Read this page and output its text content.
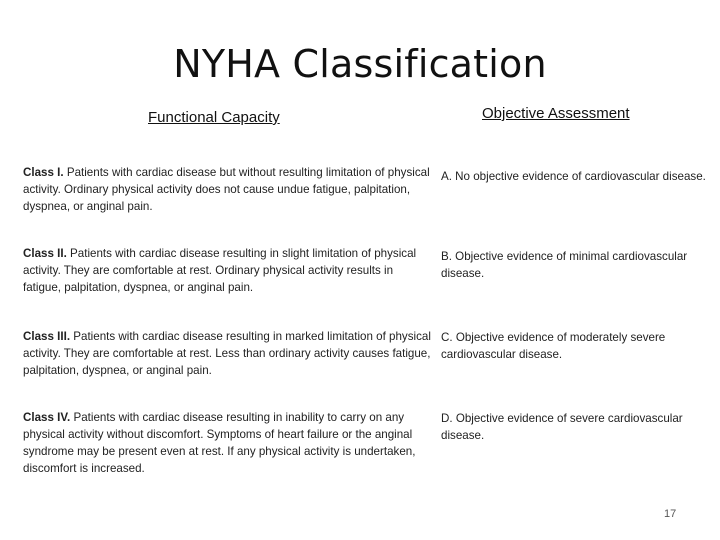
NYHA Classification
Functional Capacity	Objective Assessment
Class I. Patients with cardiac disease but without resulting limitation of physical activity. Ordinary physical activity does not cause undue fatigue, palpitation, dyspnea, or anginal pain.
A. No objective evidence of cardiovascular disease.
Class II. Patients with cardiac disease resulting in slight limitation of physical activity. They are comfortable at rest. Ordinary physical activity results in fatigue, palpitation, dyspnea, or anginal pain.
B. Objective evidence of minimal cardiovascular disease.
Class III. Patients with cardiac disease resulting in marked limitation of physical activity. They are comfortable at rest. Less than ordinary activity causes fatigue, palpitation, dyspnea, or anginal pain.
C. Objective evidence of moderately severe cardiovascular disease.
Class IV. Patients with cardiac disease resulting in inability to carry on any physical activity without discomfort. Symptoms of heart failure or the anginal syndrome may be present even at rest. If any physical activity is undertaken, discomfort is increased.
D. Objective evidence of severe cardiovascular disease.
17
